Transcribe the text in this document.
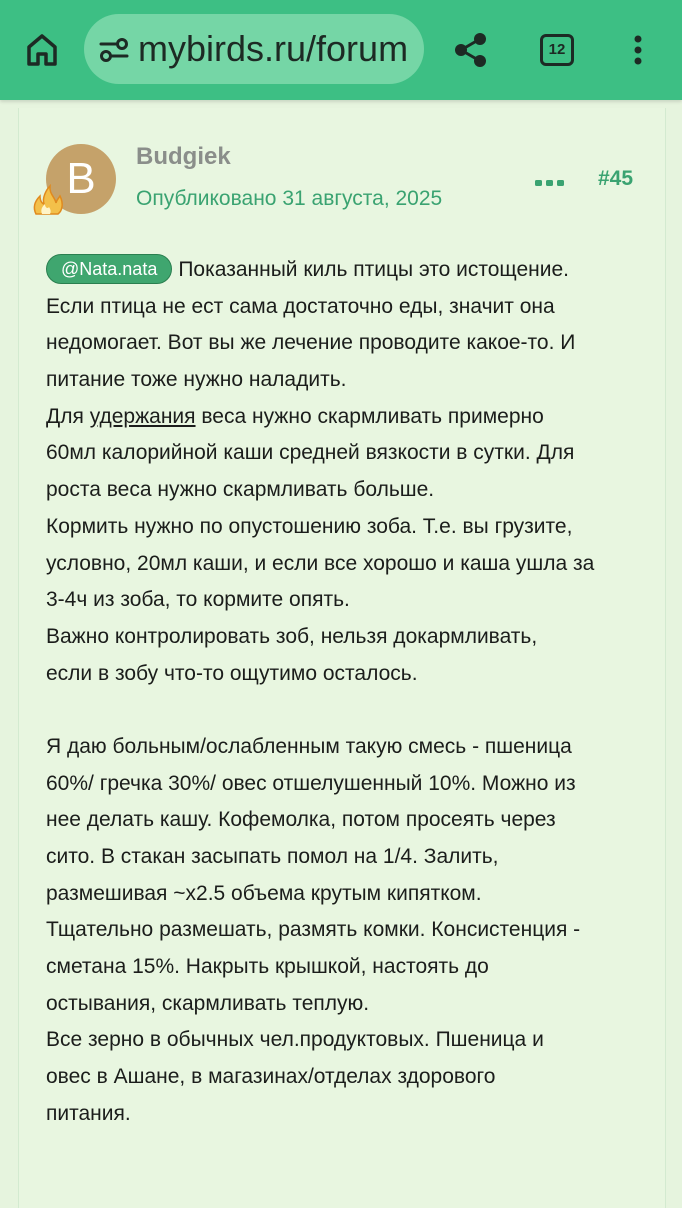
mybirds.ru/forum	12
B	Budgiek
Опубликовано 31 августа, 2025
#45
@Nata.nata Показанный киль птицы это истощение.
Если птица не ест сама достаточно еды, значит она
недомогает. Вот вы же лечение проводите какое-то. И
питание тоже нужно наладить.
Для удержания веса нужно скармливать примерно
60мл калорийной каши средней вязкости в сутки. Для
роста веса нужно скармливать больше.
Кормить нужно по опустошению зоба. Т.е. вы грузите,
условно, 20мл каши, и если все хорошо и каша ушла за
3-4ч из зоба, то кормите опять.
Важно контролировать зоб, нельзя докармливать,
если в зобу что-то ощутимо осталось.
Я даю больным/ослабленным такую смесь - пшеница
60%/ гречка 30%/ овес отшелушенный 10%. Можно из
нее делать кашу. Кофемолка, потом просеять через
сито. В стакан засыпать помол на 1/4. Залить,
размешивая ~х2.5 объема крутым кипятком.
Тщательно размешать, размять комки. Консистенция -
сметана 15%. Накрыть крышкой, настоять до
остывания, скармливать теплую.
Все зерно в обычных чел.продуктовых. Пшеница и
овес в Ашане, в магазинах/отделах здорового
питания.
